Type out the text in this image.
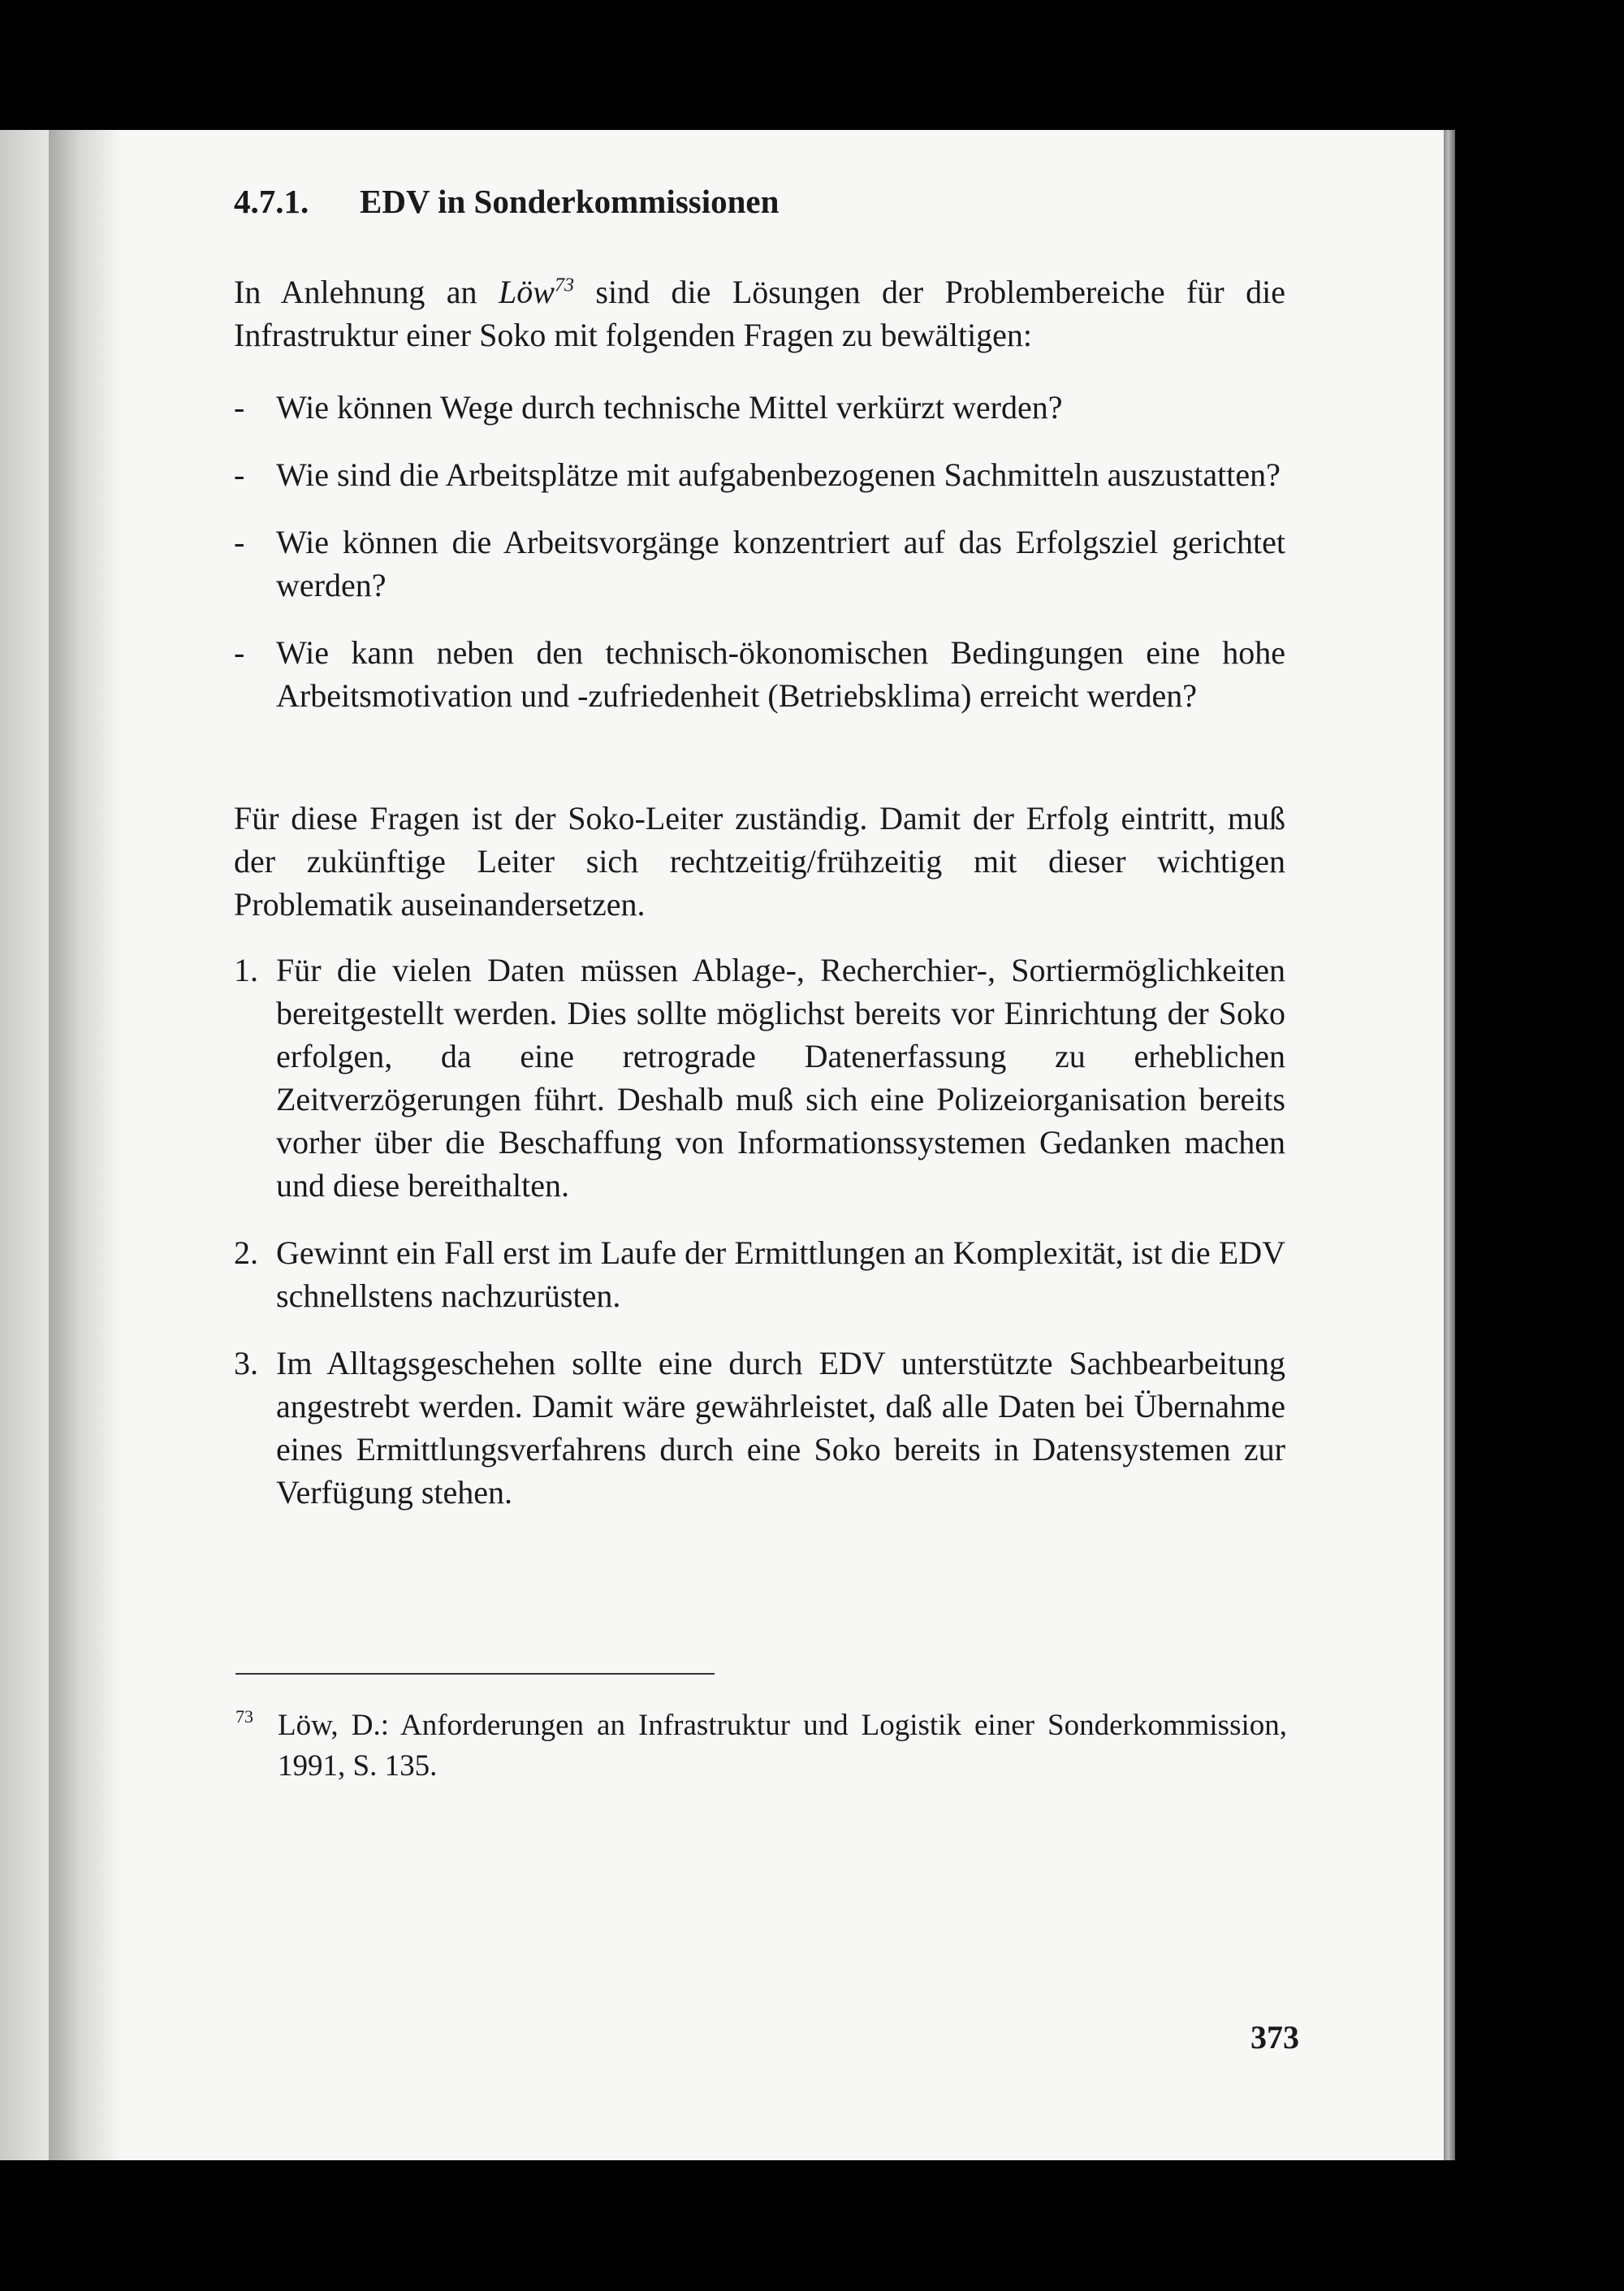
4.7.1.	EDV in Sonderkommissionen

In Anlehnung an Löw$^{73}$ sind die Lösungen der Problembereiche für die Infrastruktur einer Soko mit folgenden Fragen zu bewältigen:

- Wie können Wege durch technische Mittel verkürzt werden?
- Wie sind die Arbeitsplätze mit aufgabenbezogenen Sachmitteln auszustatten?
- Wie können die Arbeitsvorgänge konzentriert auf das Erfolgsziel gerichtet werden?
- Wie kann neben den technisch-ökonomischen Bedingungen eine hohe Arbeitsmotivation und -zufriedenheit (Betriebsklima) erreicht werden?

Für diese Fragen ist der Soko-Leiter zuständig. Damit der Erfolg eintritt, muß der zukünftige Leiter sich rechtzeitig/frühzeitig mit dieser wichtigen Problematik auseinandersetzen.

1. Für die vielen Daten müssen Ablage-, Recherchier-, Sortiermöglichkeiten bereitgestellt werden. Dies sollte möglichst bereits vor Einrichtung der Soko erfolgen, da eine retrograde Datenerfassung zu erheblichen Zeitverzögerungen führt. Deshalb muß sich eine Polizeiorganisation bereits vorher über die Beschaffung von Informationssystemen Gedanken machen und diese bereithalten.
2. Gewinnt ein Fall erst im Laufe der Ermittlungen an Komplexität, ist die EDV schnellstens nachzurüsten.
3. Im Alltagsgeschehen sollte eine durch EDV unterstützte Sachbearbeitung angestrebt werden. Damit wäre gewährleistet, daß alle Daten bei Übernahme eines Ermittlungsverfahrens durch eine Soko bereits in Datensystemen zur Verfügung stehen.
73 Löw, D.: Anforderungen an Infrastruktur und Logistik einer Sonderkommission, 1991, S. 135.
373
